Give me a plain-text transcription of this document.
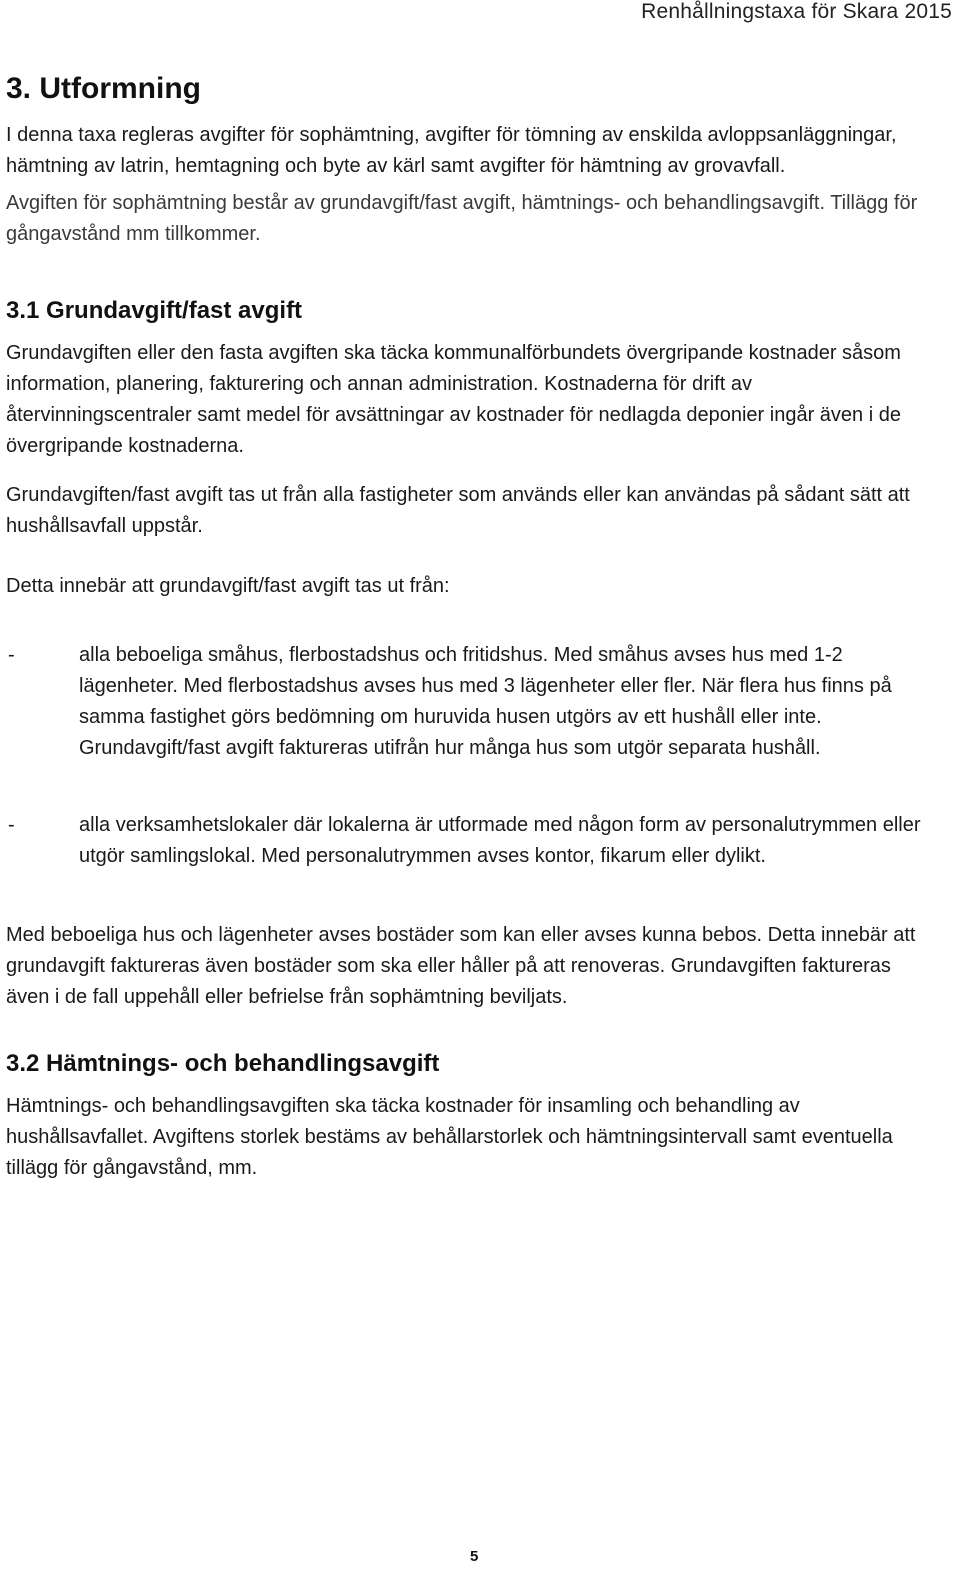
Renhållningstaxa för Skara 2015
3. Utformning

I denna taxa regleras avgifter för sophämtning, avgifter för tömning av enskilda avloppsanläggningar, hämtning av latrin, hemtagning och byte av kärl samt avgifter för hämtning av grovavfall.

Avgiften för sophämtning består av grundavgift/fast avgift, hämtnings- och behandlingsavgift. Tillägg för gångavstånd mm tillkommer.

3.1 Grundavgift/fast avgift

Grundavgiften eller den fasta avgiften ska täcka kommunalförbundets övergripande kostnader såsom information, planering, fakturering och annan administration. Kostnaderna för drift av återvinningscentraler samt medel för avsättningar av kostnader för nedlagda deponier ingår även i de övergripande kostnaderna.

Grundavgiften/fast avgift tas ut från alla fastigheter som används eller kan användas på sådant sätt att hushållsavfall uppstår.

Detta innebär att grundavgift/fast avgift tas ut från:

-	alla beboeliga småhus, flerbostadshus och fritidshus. Med småhus avses hus med 1-2 lägenheter. Med flerbostadshus avses hus med 3 lägenheter eller fler. När flera hus finns på samma fastighet görs bedömning om huruvida husen utgörs av ett hushåll eller inte. Grundavgift/fast avgift faktureras utifrån hur många hus som utgör separata hushåll.
-	alla verksamhetslokaler där lokalerna är utformade med någon form av personalutrymmen eller utgör samlingslokal. Med personalutrymmen avses kontor, fikarum eller dylikt.

Med beboeliga hus och lägenheter avses bostäder som kan eller avses kunna bebos. Detta innebär att grundavgift faktureras även bostäder som ska eller håller på att renoveras. Grundavgiften faktureras även i de fall uppehåll eller befrielse från sophämtning beviljats.

3.2 Hämtnings- och behandlingsavgift

Hämtnings- och behandlingsavgiften ska täcka kostnader för insamling och behandling av hushållsavfallet. Avgiftens storlek bestäms av behållarstorlek och hämtningsintervall samt eventuella tillägg för gångavstånd, mm.

5
